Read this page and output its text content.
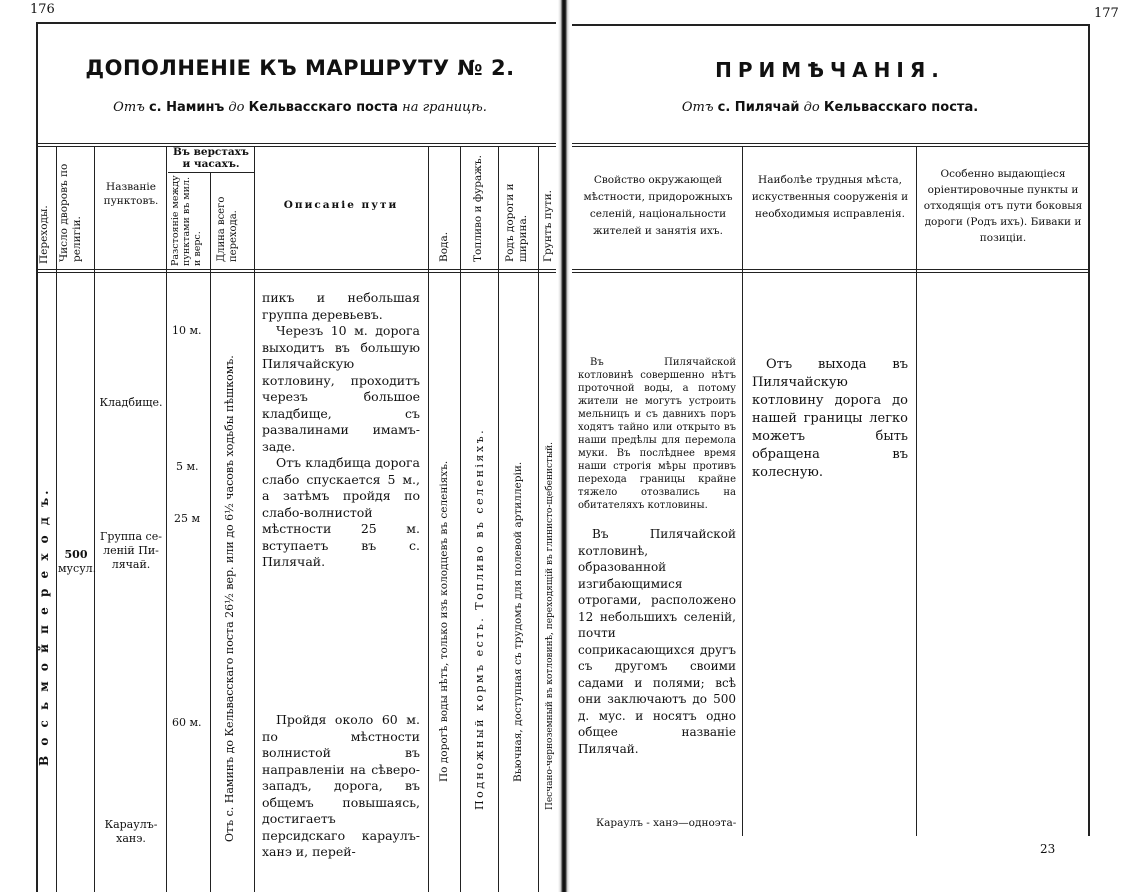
176	177
ДОПОЛНЕНІЕ КЪ МАРШРУТУ № 2.
Отъ с. Наминъ до Кельвасскаго поста на границѣ.
Переходы. Число дворовъ по религіи.
Названіе пунктовъ.
Въ верстахъ и часахъ.
Разстояніе между пунктами въ мил. и верс. Длина всего перехода.
Описаніе пути
Вода. Топливо и фуражъ. Родъ дороги и ширина. Грунтъ пути.
В о с ь м о й п е р е х о д ъ.	500
мусул.
Кладбище.
Группа се-
леній Пи-
лячай.
Караулъ-
ханэ.
10 м.
5 м.
25 м
60 м. Отъ с. Наминъ до Кельвасскаго поста 26½ вер. или до 6½ часовъ ходьбы пѣшкомъ.
пикъ и небольшая группа деревьевъ.
Черезъ 10 м. дорога выходитъ въ большую Пилячайскую котловину, проходитъ черезъ большое кладбище, съ развалинами имамъ-заде.
Отъ кладбища дорога слабо спускается 5 м., а затѣмъ пройдя по слабо-волнистой мѣстности 25 м. вступаетъ въ с. Пилячай.
Пройдя около 60 м. по мѣстности волнистой въ направленіи на сѣверо-западъ, дорога, въ общемъ повышаясь, достигаетъ персидскаго караулъ-ханэ и, перей-
По дорогѣ воды нѣтъ, только изъ колодцевъ въ селеніяхъ. Подножный кормъ есть. Топливо въ селеніяхъ. Вьючная, доступная съ трудомъ для полевой артиллеріи. Песчано-черноземный въ котловинѣ, переходящій въ глинисто-щебенистый.
ПРИМѢЧАНІЯ.
Отъ с. Пилячай до Кельвасскаго поста.
Свойство окружающей мѣстности, придорожныхъ селеній, національности жителей и занятія ихъ.
Наиболѣе трудныя мѣста, искуственныя сооруженія и необходимыя исправленія.
Особенно выдающіеся оріентировочные пункты и отходящія отъ пути боковыя дороги (Родъ ихъ). Биваки и позиціи.
Въ Пилячайской котловинѣ совершенно нѣтъ проточной воды, а потому жители не могутъ устроить мельницъ и съ давнихъ поръ ходятъ тайно или открыто въ наши предѣлы для перемола муки. Въ послѣднее время наши строгія мѣры противъ перехода границы крайне тяжело отозвались на обитателяхъ котловины.
Въ Пилячайской котловинѣ, образованной изгибающимися отрогами, расположено 12 небольшихъ селеній, почти соприкасающихся другъ съ другомъ своими садами и полями; всѣ они заключаютъ до 500 д. мус. и носятъ одно общее названіе Пилячай.
Караулъ - ханэ—одноэта-
Отъ выхода въ Пилячайскую котловину дорога до нашей границы легко можетъ быть обращена въ колесную.
23
